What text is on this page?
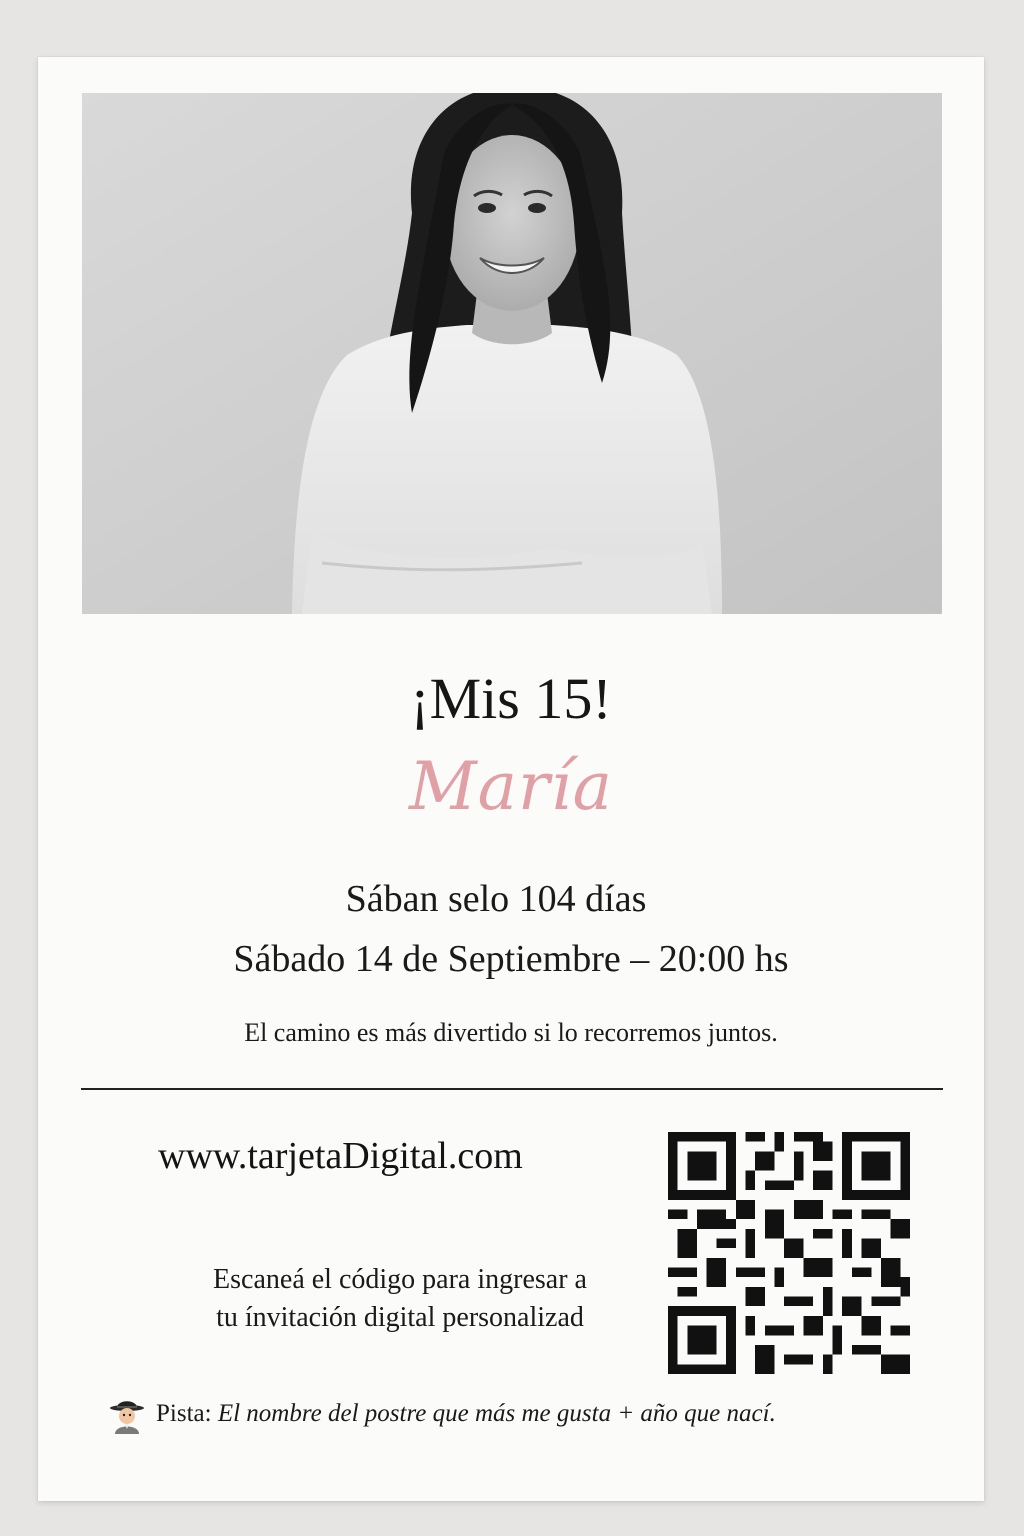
¡Mis 15!
María
Sában selo 104 días
Sábado 14 de Septiembre – 20:00 hs
El camino es más divertido si lo recorremos juntos.
www.tarjetaDigital.com
Escaneá el código para ingresar a
tu ínvitación digital personalizad
Pista: El nombre del postre que más me gusta + año que nací.
